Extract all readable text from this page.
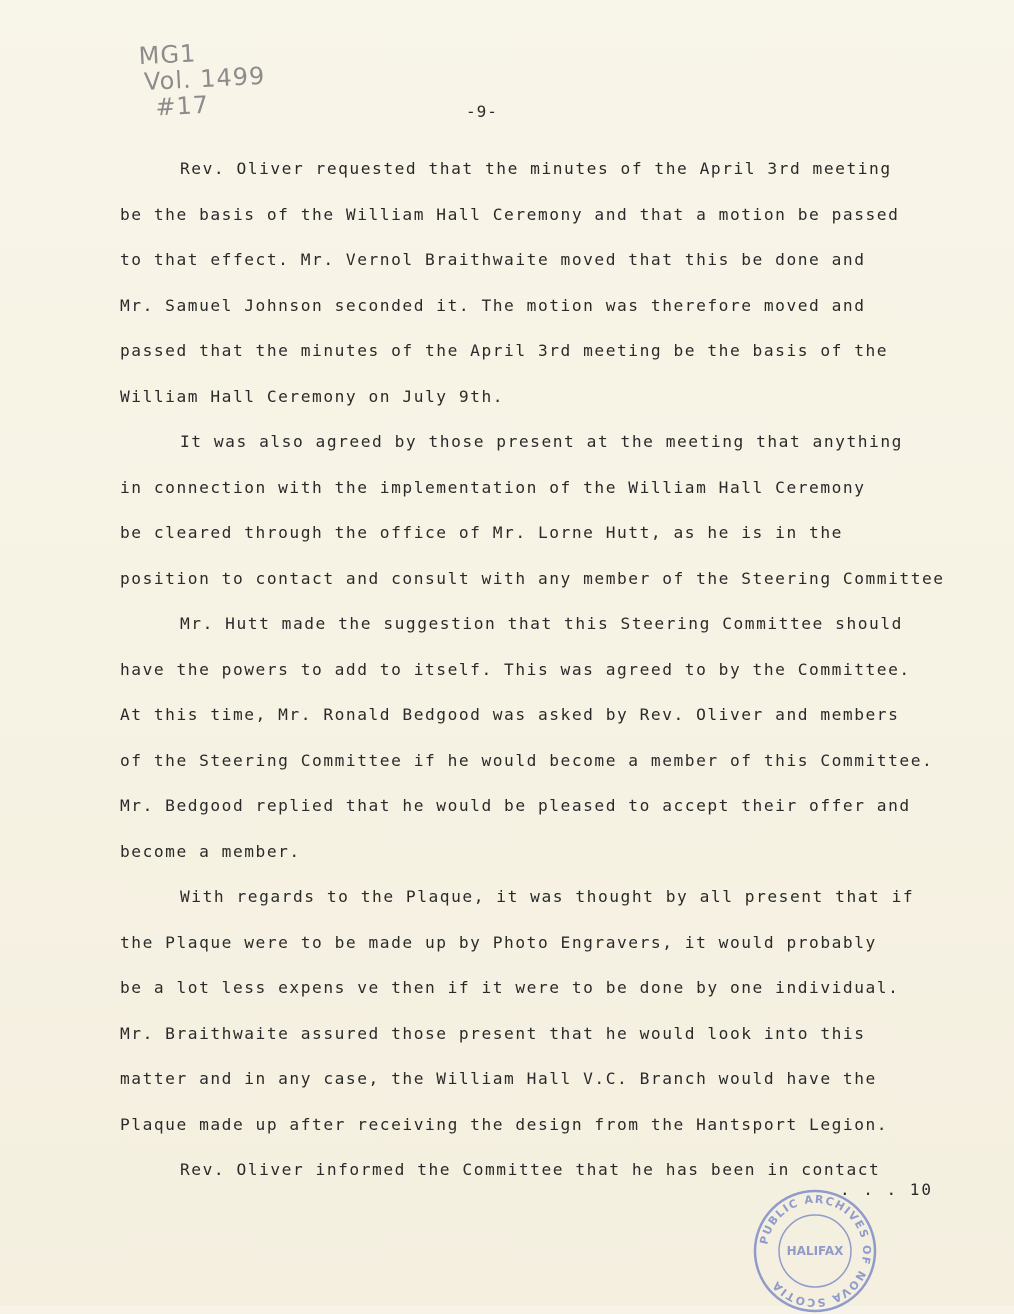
MG1
Vol. 1499
#17	-9-
Rev. Oliver requested that the minutes of the April 3rd meeting
be the basis of the William Hall Ceremony and that a motion be passed
to that effect. Mr. Vernol Braithwaite moved that this be done and
Mr. Samuel Johnson seconded it. The motion was therefore moved and
passed that the minutes of the April 3rd meeting be the basis of the
William Hall Ceremony on July 9th.
It was also agreed by those present at the meeting that anything
in connection with the implementation of the William Hall Ceremony
be cleared through the office of Mr. Lorne Hutt, as he is in the
position to contact and consult with any member of the Steering Committee
Mr. Hutt made the suggestion that this Steering Committee should
have the powers to add to itself. This was agreed to by the Committee.
At this time, Mr. Ronald Bedgood was asked by Rev. Oliver and members
of the Steering Committee if he would become a member of this Committee.
Mr. Bedgood replied that he would be pleased to accept their offer and
become a member.
With regards to the Plaque, it was thought by all present that if
the Plaque were to be made up by Photo Engravers, it would probably
be a lot less expens ve then if it were to be done by one individual.
Mr. Braithwaite assured those present that he would look into this
matter and in any case, the William Hall V.C. Branch would have the
Plaque made up after receiving the design from the Hantsport Legion.
Rev. Oliver informed the Committee that he has been in contact
. . . 10
PUBLIC ARCHIVES OF NOVA SCOTIA
HALIFAX
